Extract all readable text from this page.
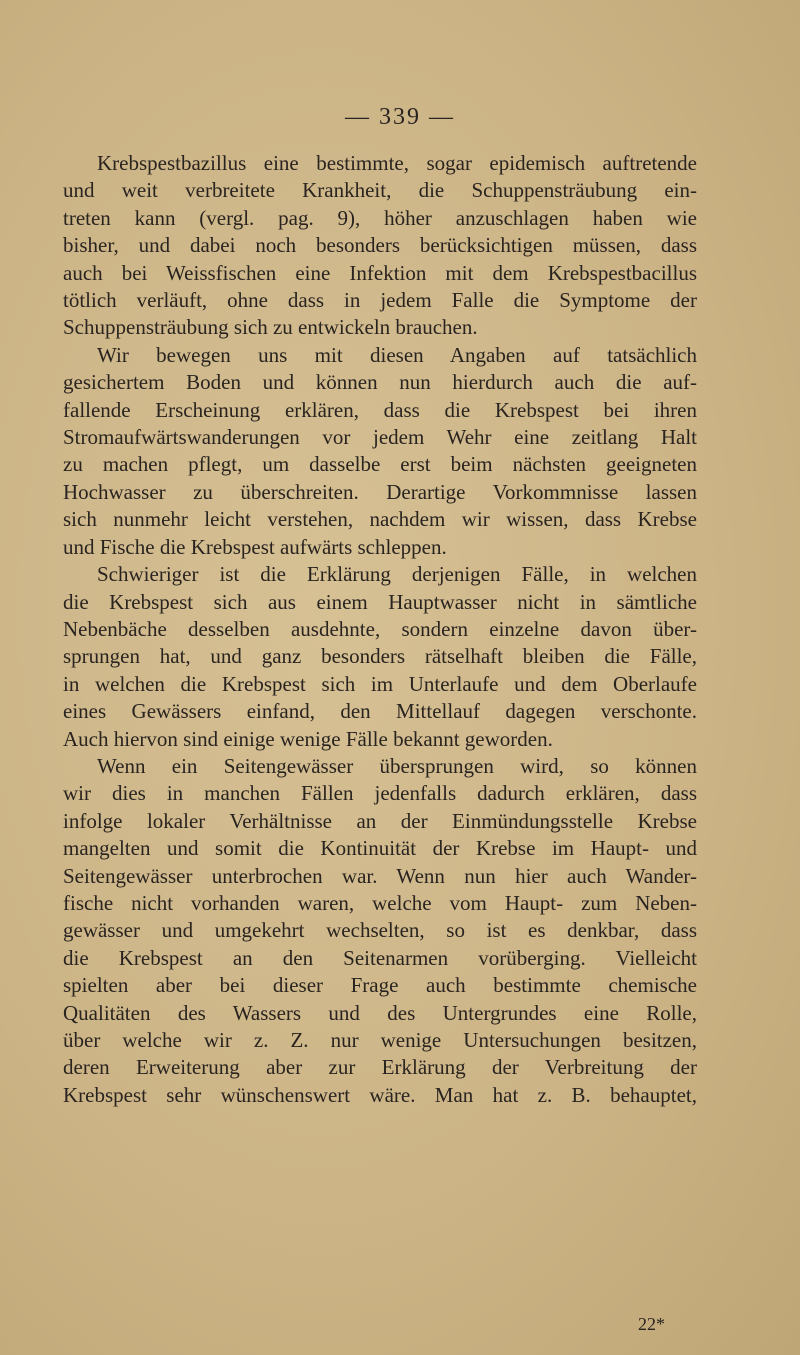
— 339 —
Krebspestbazillus eine bestimmte, sogar epidemisch auftretende
und weit verbreitete Krankheit, die Schuppensträubung ein-
treten kann (vergl. pag. 9), höher anzuschlagen haben wie
bisher, und dabei noch besonders berücksichtigen müssen, dass
auch bei Weissfischen eine Infektion mit dem Krebspestbacillus
tötlich verläuft, ohne dass in jedem Falle die Symptome der
Schuppensträubung sich zu entwickeln brauchen.
Wir bewegen uns mit diesen Angaben auf tatsächlich
gesichertem Boden und können nun hierdurch auch die auf-
fallende Erscheinung erklären, dass die Krebspest bei ihren
Stromaufwärtswanderungen vor jedem Wehr eine zeitlang Halt
zu machen pflegt, um dasselbe erst beim nächsten geeigneten
Hochwasser zu überschreiten. Derartige Vorkommnisse lassen
sich nunmehr leicht verstehen, nachdem wir wissen, dass Krebse
und Fische die Krebspest aufwärts schleppen.
Schwieriger ist die Erklärung derjenigen Fälle, in welchen
die Krebspest sich aus einem Hauptwasser nicht in sämtliche
Nebenbäche desselben ausdehnte, sondern einzelne davon über-
sprungen hat, und ganz besonders rätselhaft bleiben die Fälle,
in welchen die Krebspest sich im Unterlaufe und dem Oberlaufe
eines Gewässers einfand, den Mittellauf dagegen verschonte.
Auch hiervon sind einige wenige Fälle bekannt geworden.
Wenn ein Seitengewässer übersprungen wird, so können
wir dies in manchen Fällen jedenfalls dadurch erklären, dass
infolge lokaler Verhältnisse an der Einmündungsstelle Krebse
mangelten und somit die Kontinuität der Krebse im Haupt- und
Seitengewässer unterbrochen war. Wenn nun hier auch Wander-
fische nicht vorhanden waren, welche vom Haupt- zum Neben-
gewässer und umgekehrt wechselten, so ist es denkbar, dass
die Krebspest an den Seitenarmen vorüberging. Vielleicht
spielten aber bei dieser Frage auch bestimmte chemische
Qualitäten des Wassers und des Untergrundes eine Rolle,
über welche wir z. Z. nur wenige Untersuchungen besitzen,
deren Erweiterung aber zur Erklärung der Verbreitung der
Krebspest sehr wünschenswert wäre. Man hat z. B. behauptet,
22*
